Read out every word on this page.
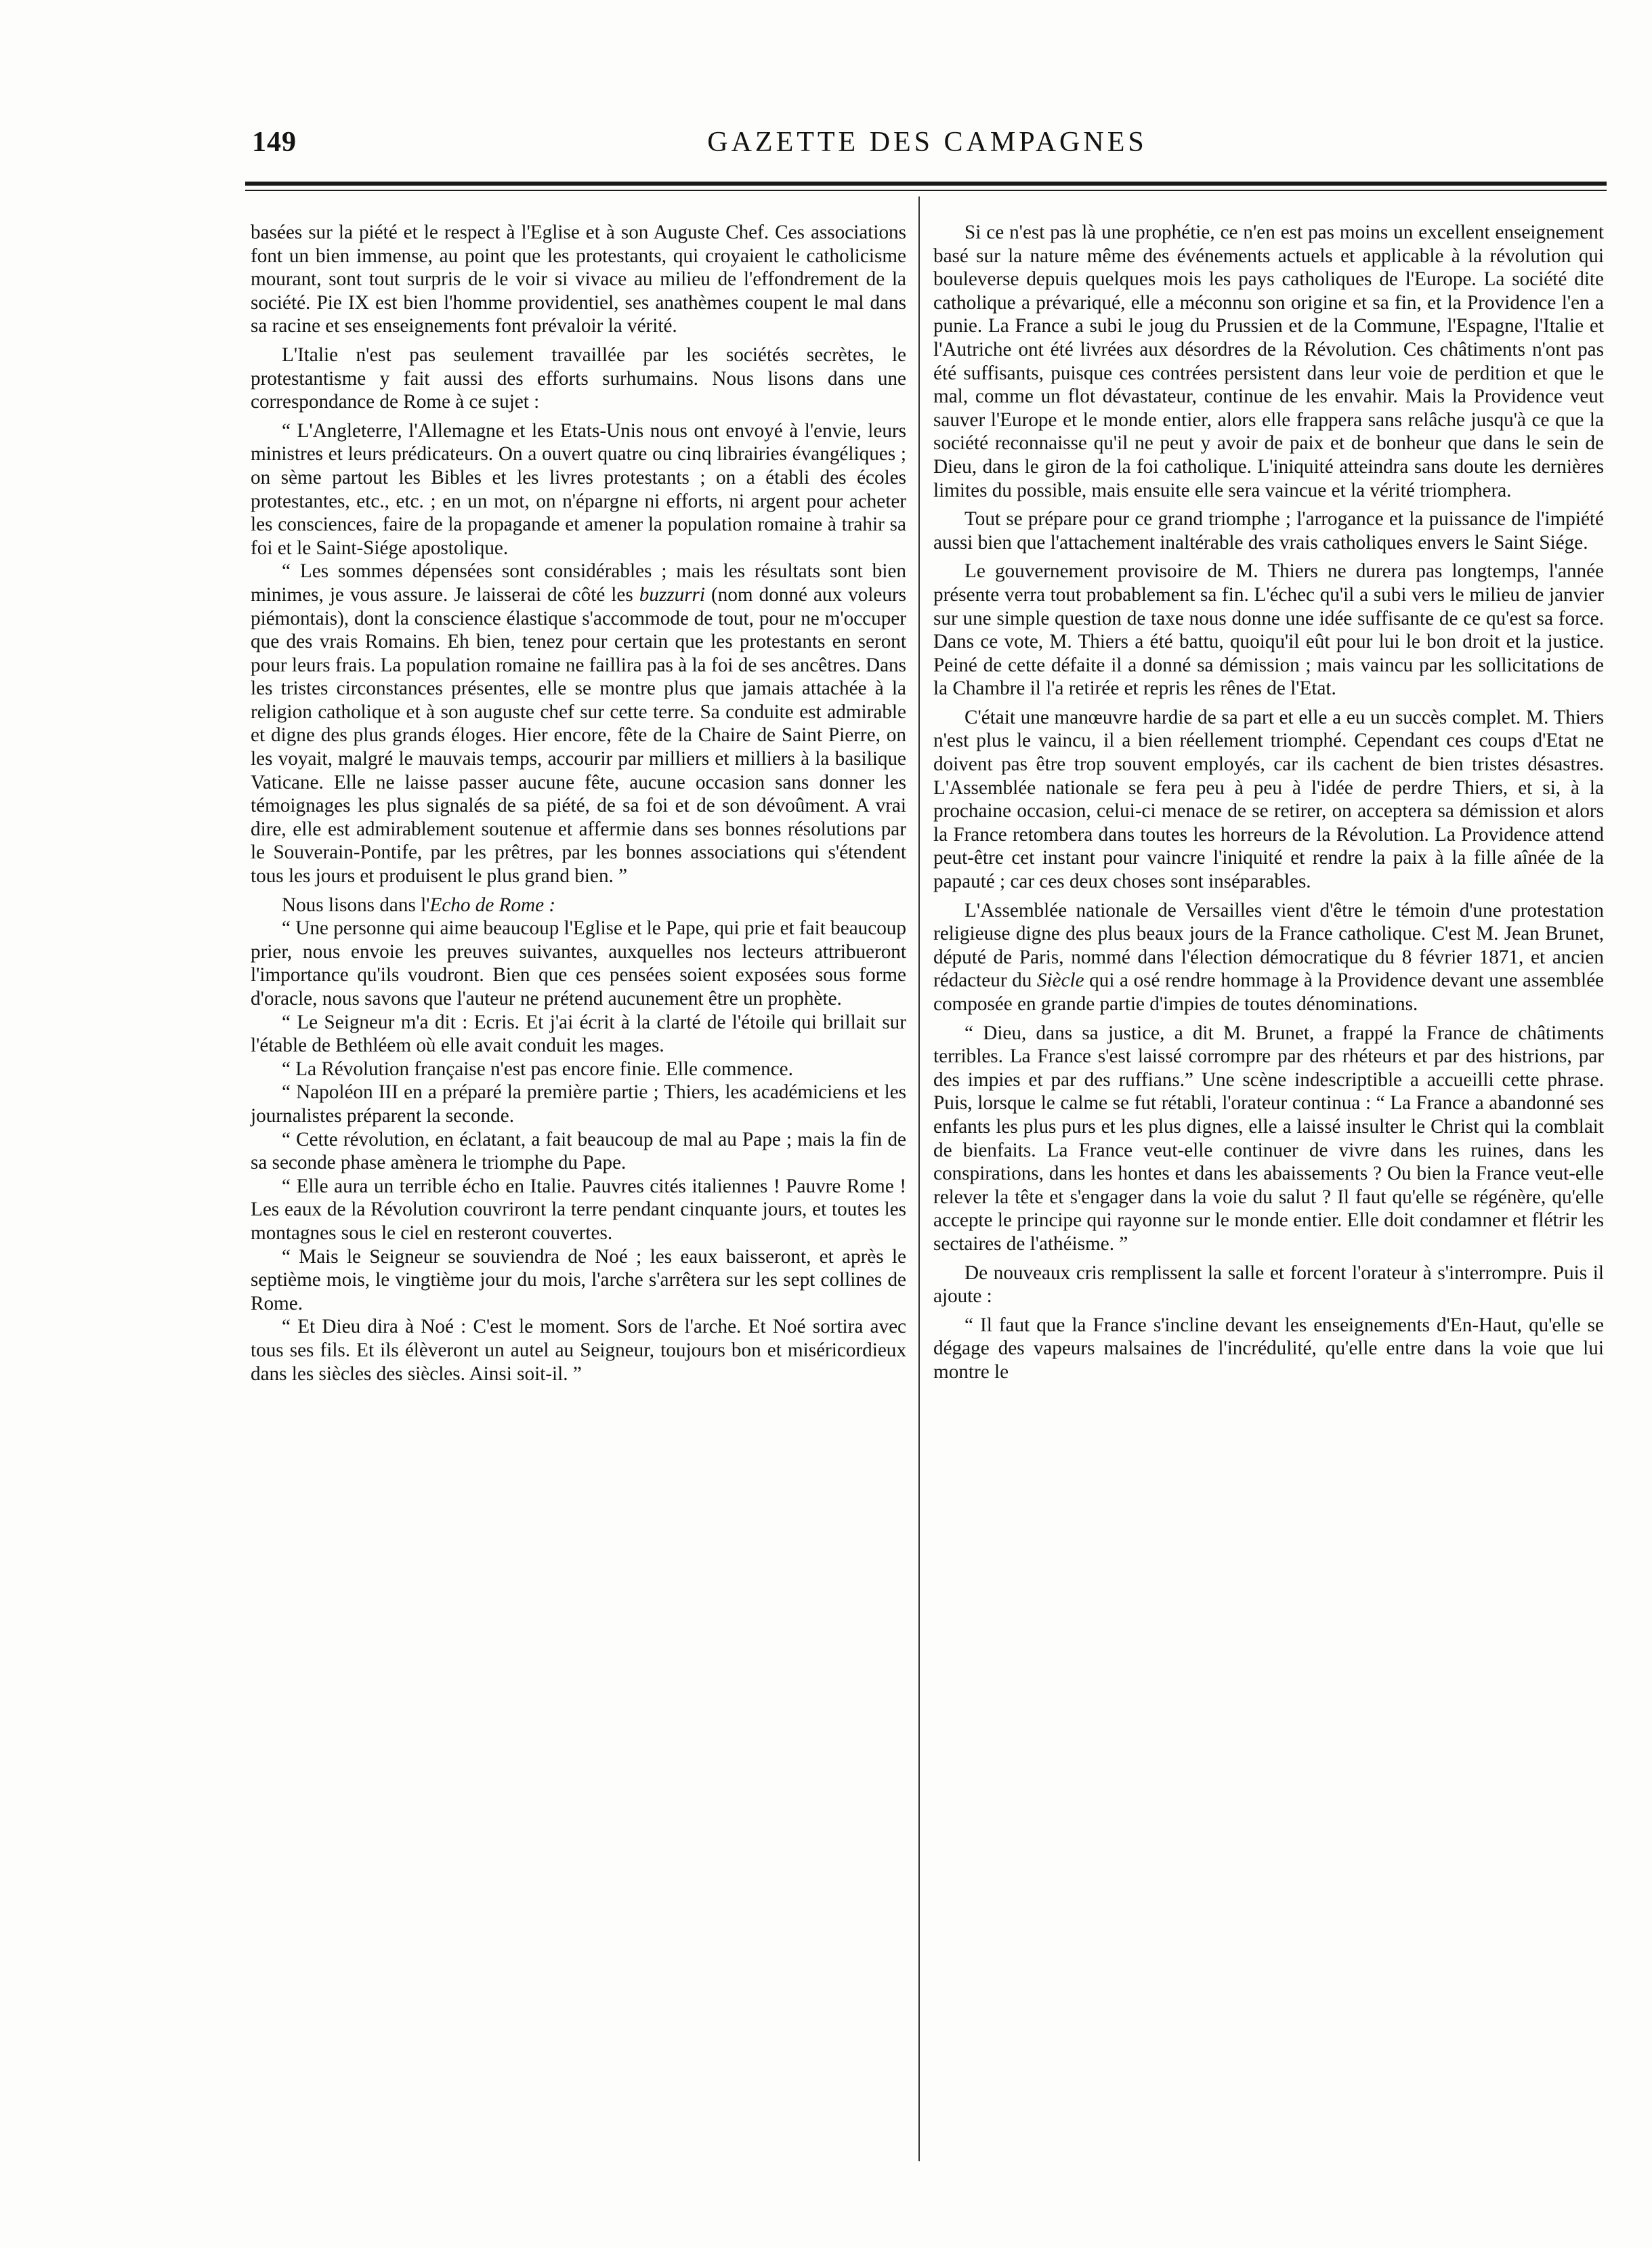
149	GAZETTE DES CAMPAGNES

basées sur la piété et le respect à l'Eglise et à son Auguste Chef. Ces associations font un bien immense, au point que les protestants, qui croyaient le catholicisme mourant, sont tout surpris de le voir si vivace au milieu de l'effondrement de la société. Pie IX est bien l'homme providentiel, ses anathèmes coupent le mal dans sa racine et ses enseignements font prévaloir la vérité.

L'Italie n'est pas seulement travaillée par les sociétés secrètes, le protestantisme y fait aussi des efforts surhumains. Nous lisons dans une correspondance de Rome à ce sujet :

“ L'Angleterre, l'Allemagne et les Etats-Unis nous ont envoyé à l'envie, leurs ministres et leurs prédicateurs. On a ouvert quatre ou cinq librairies évangéliques ; on sème partout les Bibles et les livres protestants ; on a établi des écoles protestantes, etc., etc. ; en un mot, on n'épargne ni efforts, ni argent pour acheter les consciences, faire de la propagande et amener la population romaine à trahir sa foi et le Saint-Siége apostolique.

“ Les sommes dépensées sont considérables ; mais les résultats sont bien minimes, je vous assure. Je laisserai de côté les buzzurri (nom donné aux voleurs piémontais), dont la conscience élastique s'accommode de tout, pour ne m'occuper que des vrais Romains. Eh bien, tenez pour certain que les protestants en seront pour leurs frais. La population romaine ne faillira pas à la foi de ses ancêtres. Dans les tristes circonstances présentes, elle se montre plus que jamais attachée à la religion catholique et à son auguste chef sur cette terre. Sa conduite est admirable et digne des plus grands éloges. Hier encore, fête de la Chaire de Saint Pierre, on les voyait, malgré le mauvais temps, accourir par milliers et milliers à la basilique Vaticane. Elle ne laisse passer aucune fête, aucune occasion sans donner les témoignages les plus signalés de sa piété, de sa foi et de son dévoûment. A vrai dire, elle est admirablement soutenue et affermie dans ses bonnes résolutions par le Souverain-Pontife, par les prêtres, par les bonnes associations qui s'étendent tous les jours et produisent le plus grand bien. ”

Nous lisons dans l'Echo de Rome :

“ Une personne qui aime beaucoup l'Eglise et le Pape, qui prie et fait beaucoup prier, nous envoie les preuves suivantes, auxquelles nos lecteurs attribueront l'importance qu'ils voudront. Bien que ces pensées soient exposées sous forme d'oracle, nous savons que l'auteur ne prétend aucunement être un prophète.

“ Le Seigneur m'a dit : Ecris. Et j'ai écrit à la clarté de l'étoile qui brillait sur l'étable de Bethléem où elle avait conduit les mages.

“ La Révolution française n'est pas encore finie. Elle commence.

“ Napoléon III en a préparé la première partie ; Thiers, les académiciens et les journalistes préparent la seconde.

“ Cette révolution, en éclatant, a fait beaucoup de mal au Pape ; mais la fin de sa seconde phase amènera le triomphe du Pape.

“ Elle aura un terrible écho en Italie. Pauvres cités italiennes ! Pauvre Rome ! Les eaux de la Révolution couvriront la terre pendant cinquante jours, et toutes les montagnes sous le ciel en resteront couvertes.

“ Mais le Seigneur se souviendra de Noé ; les eaux baisseront, et après le septième mois, le vingtième jour du mois, l'arche s'arrêtera sur les sept collines de Rome.

“ Et Dieu dira à Noé : C'est le moment. Sors de l'arche. Et Noé sortira avec tous ses fils. Et ils élèveront un autel au Seigneur, toujours bon et miséricordieux dans les siècles des siècles. Ainsi soit-il. ”

Si ce n'est pas là une prophétie, ce n'en est pas moins un excellent enseignement basé sur la nature même des événements actuels et applicable à la révolution qui bouleverse depuis quelques mois les pays catholiques de l'Europe. La société dite catholique a prévariqué, elle a méconnu son origine et sa fin, et la Providence l'en a punie. La France a subi le joug du Prussien et de la Commune, l'Espagne, l'Italie et l'Autriche ont été livrées aux désordres de la Révolution. Ces châtiments n'ont pas été suffisants, puisque ces contrées persistent dans leur voie de perdition et que le mal, comme un flot dévastateur, continue de les envahir. Mais la Providence veut sauver l'Europe et le monde entier, alors elle frappera sans relâche jusqu'à ce que la société reconnaisse qu'il ne peut y avoir de paix et de bonheur que dans le sein de Dieu, dans le giron de la foi catholique. L'iniquité atteindra sans doute les dernières limites du possible, mais ensuite elle sera vaincue et la vérité triomphera.

Tout se prépare pour ce grand triomphe ; l'arrogance et la puissance de l'impiété aussi bien que l'attachement inaltérable des vrais catholiques envers le Saint Siége.

Le gouvernement provisoire de M. Thiers ne durera pas longtemps, l'année présente verra tout probablement sa fin. L'échec qu'il a subi vers le milieu de janvier sur une simple question de taxe nous donne une idée suffisante de ce qu'est sa force. Dans ce vote, M. Thiers a été battu, quoiqu'il eût pour lui le bon droit et la justice. Peiné de cette défaite il a donné sa démission ; mais vaincu par les sollicitations de la Chambre il l'a retirée et repris les rênes de l'Etat.

C'était une manœuvre hardie de sa part et elle a eu un succès complet. M. Thiers n'est plus le vaincu, il a bien réellement triomphé. Cependant ces coups d'Etat ne doivent pas être trop souvent employés, car ils cachent de bien tristes désastres. L'Assemblée nationale se fera peu à peu à l'idée de perdre Thiers, et si, à la prochaine occasion, celui-ci menace de se retirer, on acceptera sa démission et alors la France retombera dans toutes les horreurs de la Révolution. La Providence attend peut-être cet instant pour vaincre l'iniquité et rendre la paix à la fille aînée de la papauté ; car ces deux choses sont inséparables.

L'Assemblée nationale de Versailles vient d'être le témoin d'une protestation religieuse digne des plus beaux jours de la France catholique. C'est M. Jean Brunet, député de Paris, nommé dans l'élection démocratique du 8 février 1871, et ancien rédacteur du Siècle qui a osé rendre hommage à la Providence devant une assemblée composée en grande partie d'impies de toutes dénominations.

“ Dieu, dans sa justice, a dit M. Brunet, a frappé la France de châtiments terribles. La France s'est laissé corrompre par des rhéteurs et par des histrions, par des impies et par des ruffians.” Une scène indescriptible a accueilli cette phrase. Puis, lorsque le calme se fut rétabli, l'orateur continua : “ La France a abandonné ses enfants les plus purs et les plus dignes, elle a laissé insulter le Christ qui la comblait de bienfaits. La France veut-elle continuer de vivre dans les ruines, dans les conspirations, dans les hontes et dans les abaissements ? Ou bien la France veut-elle relever la tête et s'engager dans la voie du salut ? Il faut qu'elle se régénère, qu'elle accepte le principe qui rayonne sur le monde entier. Elle doit condamner et flétrir les sectaires de l'athéisme. ”

De nouveaux cris remplissent la salle et forcent l'orateur à s'interrompre. Puis il ajoute :

“ Il faut que la France s'incline devant les enseignements d'En-Haut, qu'elle se dégage des vapeurs malsaines de l'incrédulité, qu'elle entre dans la voie que lui montre le
